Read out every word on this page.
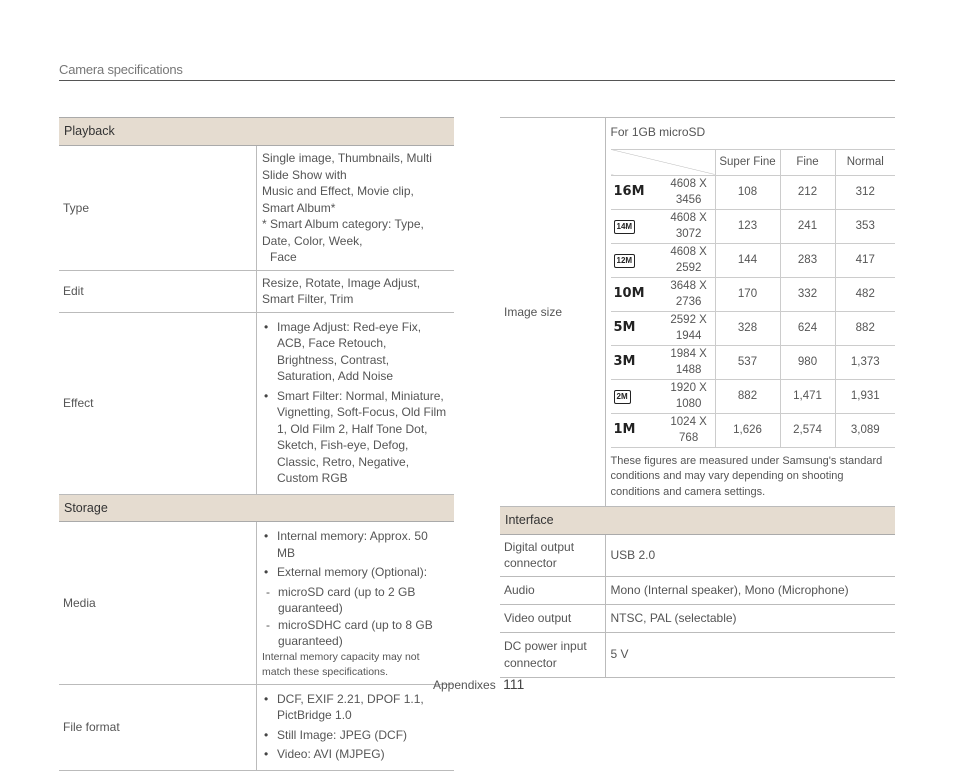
Camera specifications
Playback	
Type	Single image, Thumbnails, Multi Slide Show with
Music and Effect, Movie clip, Smart Album*
* Smart Album category: Type, Date, Color, Week,
Face

Edit	Resize, Rotate, Image Adjust, Smart Filter, Trim
Effect	• Image Adjust: Red-eye Fix, ACB, Face Retouch, Brightness, Contrast, Saturation, Add Noise
• Smart Filter: Normal, Miniature, Vignetting, Soft-Focus, Old Film 1, Old Film 2, Half Tone Dot, Sketch, Fish-eye, Defog, Classic, Retro, Negative, Custom RGB

Storage	
Media	• Internal memory: Approx. 50 MB
• External memory (Optional):
- microSD card (up to 2 GB guaranteed)
- microSDHC card (up to 8 GB guaranteed)
Internal memory capacity may not match these specifications.

File format	• DCF, EXIF 2.21, DPOF 1.1, PictBridge 1.0
• Still Image: JPEG (DCF)
• Video: AVI (MJPEG)
Image size	
For 1GB microSD
	Super Fine	Fine	Normal
16M	4608 X 3456	108	212	312
14M	4608 X 3072	123	241	353
12M	4608 X 2592	144	283	417
10M	3648 X 2736	170	332	482
5M	2592 X 1944	328	624	882
3M	1984 X 1488	537	980	1,373
2M	1920 X 1080	882	1,471	1,931
1M	1024 X 768	1,626	2,574	3,089
These figures are measured under Samsung's standard conditions and may vary depending on shooting conditions and camera settings.

Interface
Digital output connector	USB 2.0
Audio	Mono (Internal speaker), Mono (Microphone)
Video output	NTSC, PAL (selectable)
DC power input connector	5 V
Appendixes 111
